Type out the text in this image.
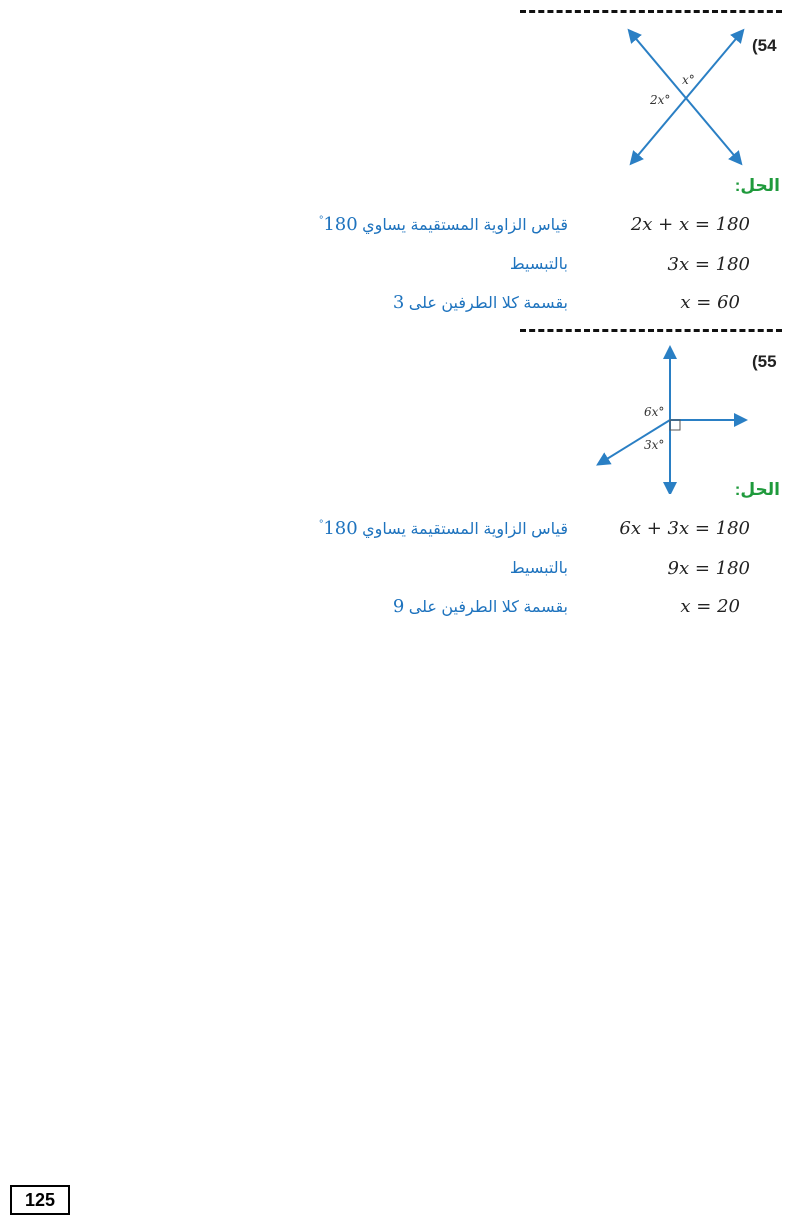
(54
x°
2x°
الحل:
2x + x = 180
قياس الزاوية المستقيمة يساوي 180°
3x = 180
بالتبسيط
x = 60
بقسمة كلا الطرفين على 3
(55
6x°
3x°
الحل:
6x + 3x = 180
قياس الزاوية المستقيمة يساوي 180°
9x = 180
بالتبسيط
x = 20
بقسمة كلا الطرفين على 9
125
